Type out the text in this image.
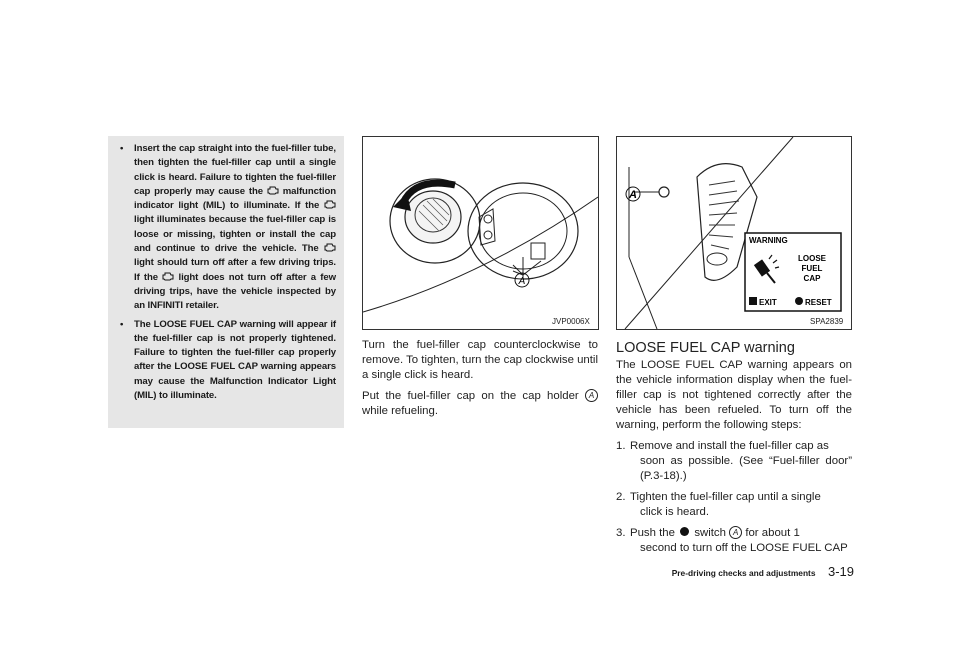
• Insert the cap straight into the fuel-filler tube, then tighten the fuel-filler cap until a single click is heard. Failure to tighten the fuel-filler cap properly may cause the malfunction indicator light (MIL) to illuminate. If the  light illuminates because the fuel-filler cap is loose or missing, tighten or install the cap and continue to drive the vehicle. The  light should turn off after a few driving trips. If the light does not turn off after a few driving trips, have the vehicle inspected by an INFINITI retailer.
• The LOOSE FUEL CAP warning will appear if the fuel-filler cap is not properly tightened. Failure to tighten the fuel-filler cap properly after the LOOSE FUEL CAP warning appears may cause the Malfunction Indicator Light (MIL) to illuminate.
A
JVP0006X
A
WARNING
LOOSE
FUEL
CAP
EXIT	RESET
SPA2839

Turn the fuel-filler cap counterclockwise to remove. To tighten, turn the cap clockwise until a single click is heard.

Put the fuel-filler cap on the cap holder A while refueling.

LOOSE FUEL CAP warning

The LOOSE FUEL CAP warning appears on the vehicle information display when the fuel-filler cap is not tightened correctly after the vehicle has been refueled. To turn off the warning, perform the following steps:

1. Remove and install the fuel-filler cap as
soon as possible. (See “Fuel-filler door” (P.3-18).)
2. Tighten the fuel-filler cap until a single
click is heard.
3. Push the switch A for about 1
second to turn off the LOOSE FUEL CAP
Pre-driving checks and adjustments 3-19
